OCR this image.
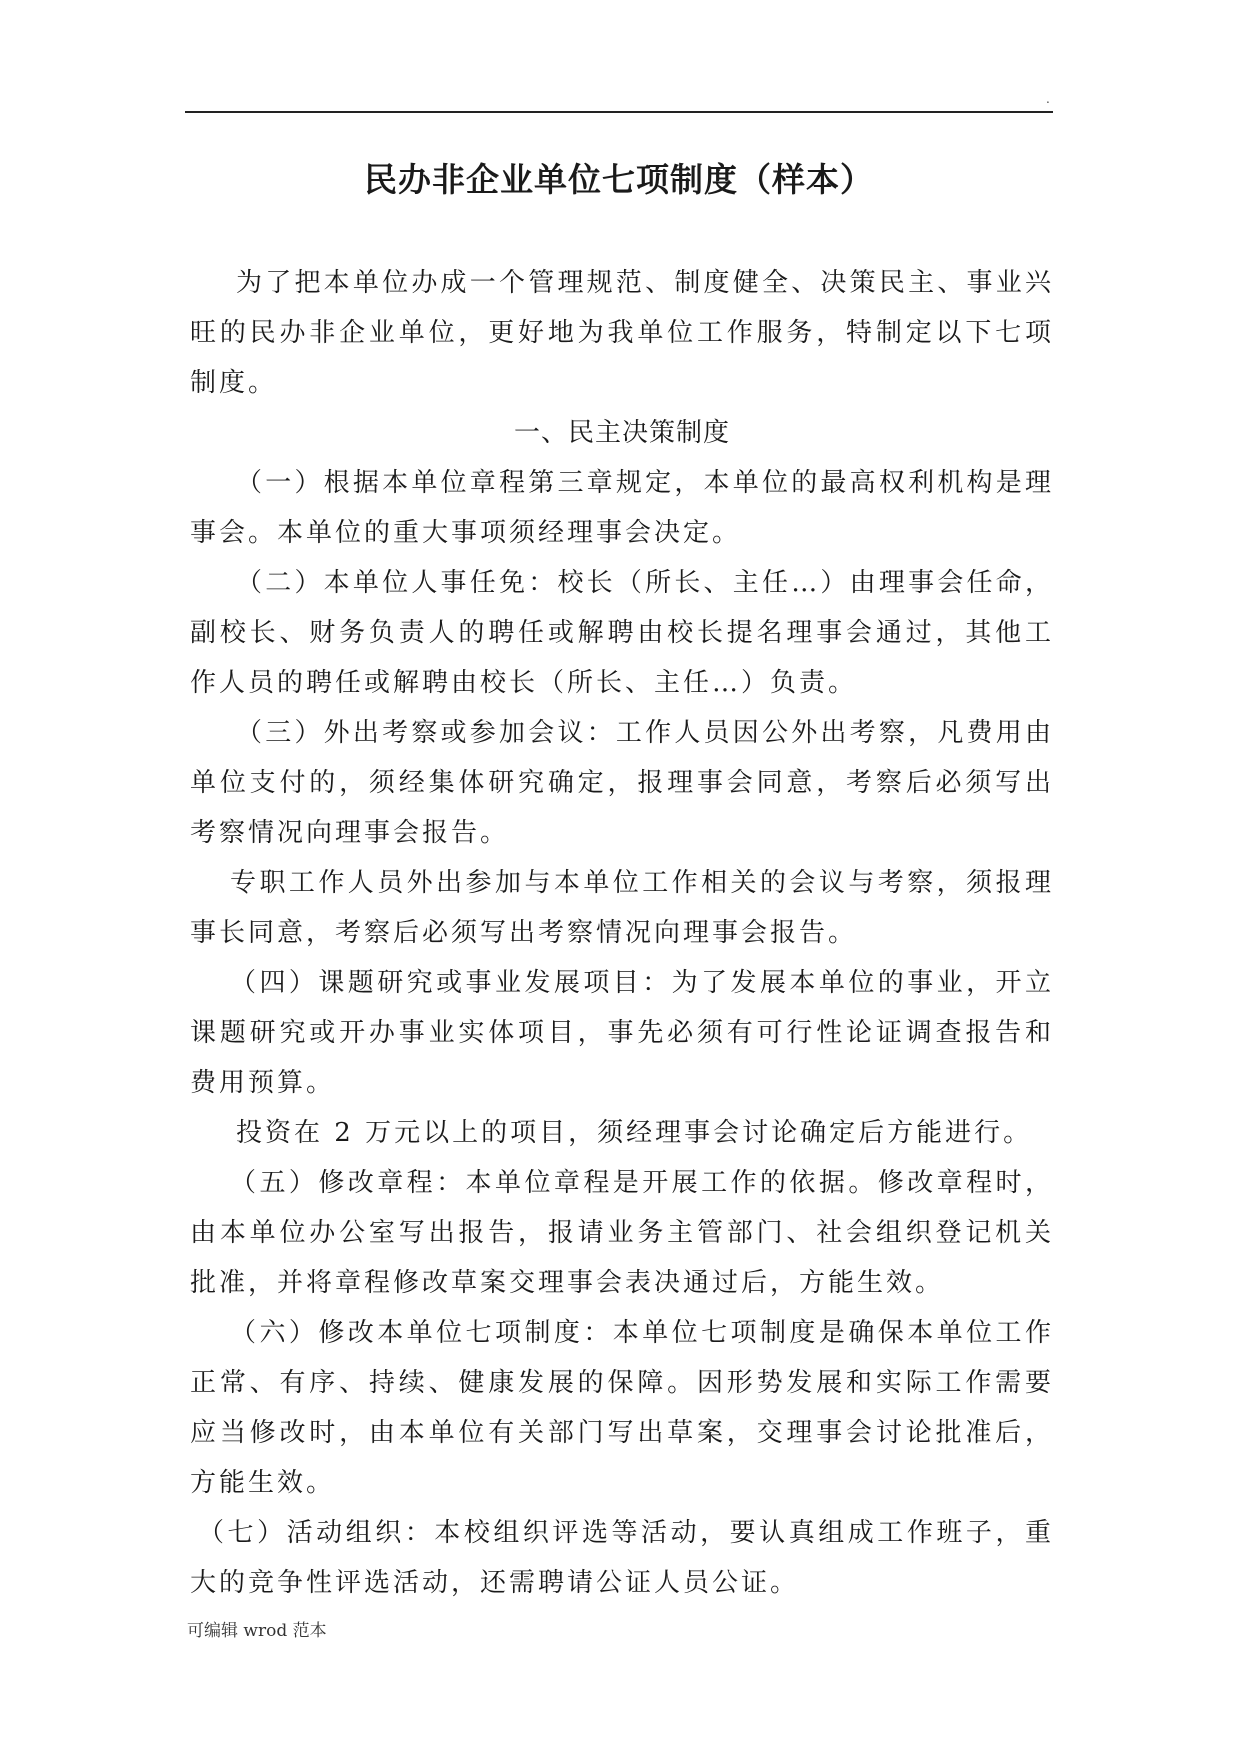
.
民办非企业单位七项制度（样本）

为了把本单位办成一个管理规范、制度健全、决策民主、事业兴旺的民办非企业单位，更好地为我单位工作服务，特制定以下七项制度。

一、民主决策制度

（一）根据本单位章程第三章规定，本单位的最高权利机构是理事会。本单位的重大事项须经理事会决定。

（二）本单位人事任免：校长（所长、主任…）由理事会任命，副校长、财务负责人的聘任或解聘由校长提名理事会通过，其他工作人员的聘任或解聘由校长（所长、主任…）负责。

（三）外出考察或参加会议：工作人员因公外出考察，凡费用由单位支付的，须经集体研究确定，报理事会同意，考察后必须写出考察情况向理事会报告。

专职工作人员外出参加与本单位工作相关的会议与考察，须报理事长同意，考察后必须写出考察情况向理事会报告。

（四）课题研究或事业发展项目：为了发展本单位的事业，开立课题研究或开办事业实体项目，事先必须有可行性论证调查报告和费用预算。

投资在 2 万元以上的项目，须经理事会讨论确定后方能进行。

（五）修改章程：本单位章程是开展工作的依据。修改章程时，由本单位办公室写出报告，报请业务主管部门、社会组织登记机关批准，并将章程修改草案交理事会表决通过后，方能生效。

（六）修改本单位七项制度：本单位七项制度是确保本单位工作正常、有序、持续、健康发展的保障。因形势发展和实际工作需要应当修改时，由本单位有关部门写出草案，交理事会讨论批准后，方能生效。

（七）活动组织：本校组织评选等活动，要认真组成工作班子，重大的竞争性评选活动，还需聘请公证人员公证。

可编辑 wrod 范本
